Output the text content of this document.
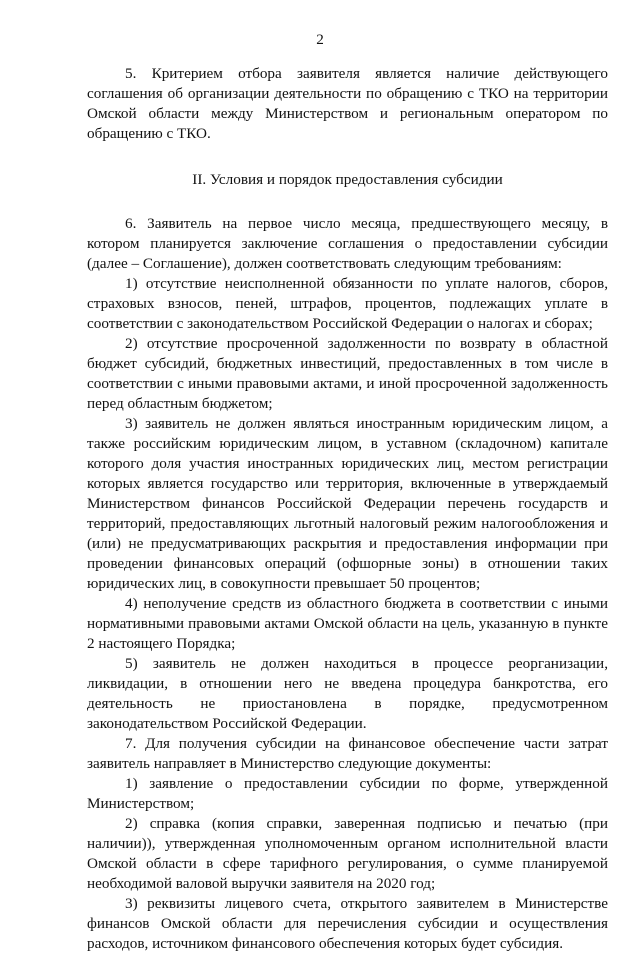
2

5. Критерием отбора заявителя является наличие действующего соглашения об организации деятельности по обращению с ТКО на территории Омской области между Министерством и региональным оператором по обращению с ТКО.

II. Условия и порядок предоставления субсидии

6. Заявитель на первое число месяца, предшествующего месяцу, в котором планируется заключение соглашения о предоставлении субсидии (далее – Соглашение), должен соответствовать следующим требованиям:

1) отсутствие неисполненной обязанности по уплате налогов, сборов, страховых взносов, пеней, штрафов, процентов, подлежащих уплате в соответствии с законодательством Российской Федерации о налогах и сборах;

2) отсутствие просроченной задолженности по возврату в областной бюджет субсидий, бюджетных инвестиций, предоставленных в том числе в соответствии с иными правовыми актами, и иной просроченной задолженность перед областным бюджетом;

3) заявитель не должен являться иностранным юридическим лицом, а также российским юридическим лицом, в уставном (складочном) капитале которого доля участия иностранных юридических лиц, местом регистрации которых является государство или территория, включенные в утверждаемый Министерством финансов Российской Федерации перечень государств и территорий, предоставляющих льготный налоговый режим налогообложения и (или) не предусматривающих раскрытия и предоставления информации при проведении финансовых операций (офшорные зоны) в отношении таких юридических лиц, в совокупности превышает 50 процентов;

4) неполучение средств из областного бюджета в соответствии с иными нормативными правовыми актами Омской области на цель, указанную в пункте 2 настоящего Порядка;

5) заявитель не должен находиться в процессе реорганизации, ликвидации, в отношении него не введена процедура банкротства, его деятельность не приостановлена в порядке, предусмотренном законодательством Российской Федерации.

7. Для получения субсидии на финансовое обеспечение части затрат заявитель направляет в Министерство следующие документы:

1) заявление о предоставлении субсидии по форме, утвержденной Министерством;

2) справка (копия справки, заверенная подписью и печатью (при наличии)), утвержденная уполномоченным органом исполнительной власти Омской области в сфере тарифного регулирования, о сумме планируемой необходимой валовой выручки заявителя на 2020 год;

3) реквизиты лицевого счета, открытого заявителем в Министерстве финансов Омской области для перечисления субсидии и осуществления расходов, источником финансового обеспечения которых будет субсидия.
